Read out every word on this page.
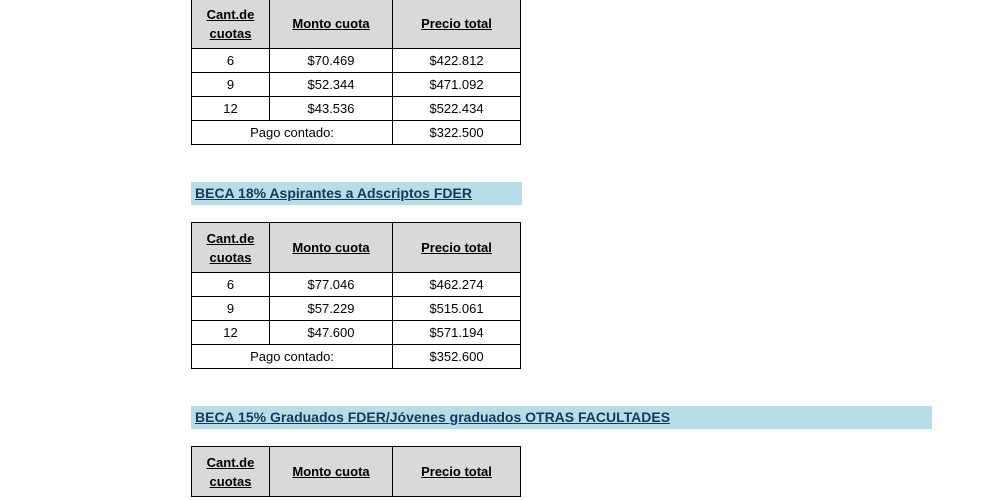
Cant.de cuotas	Monto cuota	Precio total
6	$70.469	$422.812
9	$52.344	$471.092
12	$43.536	$522.434
Pago contado:		$322.500
BECA 18% Aspirantes a Adscriptos FDER
Cant.de cuotas	Monto cuota	Precio total
6	$77.046	$462.274
9	$57.229	$515.061
12	$47.600	$571.194
Pago contado:		$352.600
BECA 15% Graduados FDER/Jóvenes graduados OTRAS FACULTADES
Cant.de cuotas	Monto cuota	Precio total
